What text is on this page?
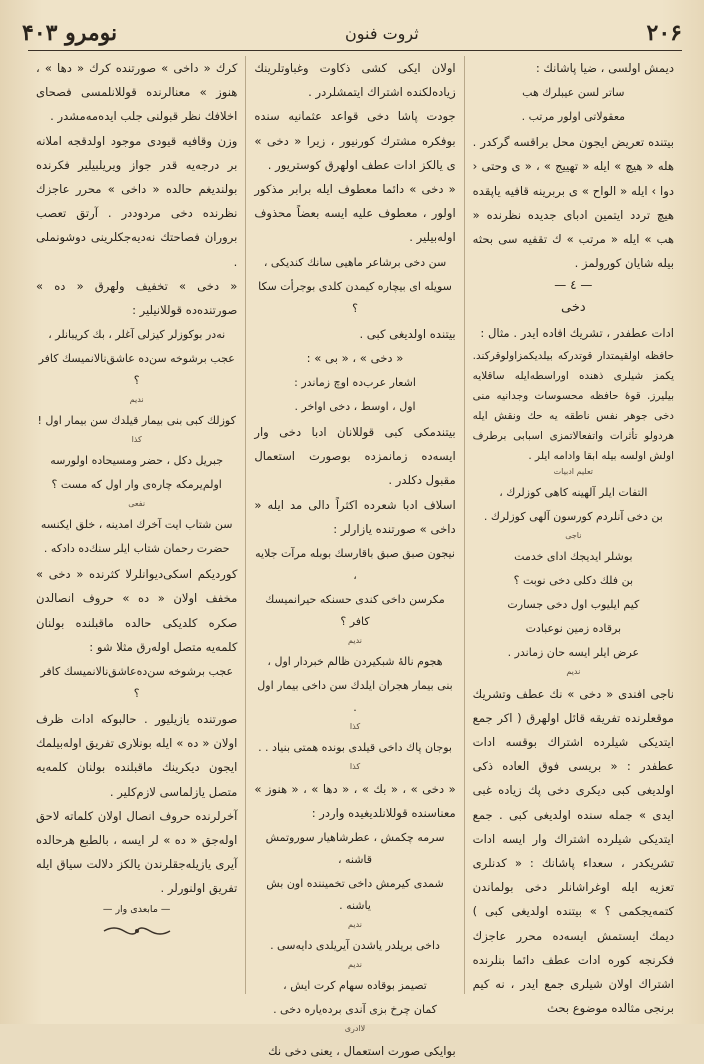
نومرو ۴۰۳	ثروت فنون	۲۰۶

دیمش اولسی ، ضیا پاشانك :

ساتر لسن عیبلرك هب
معقولاتی اولور مرتب .

بیتنده تعریض ایجون محل براقسه گرکدر . هله « هیچ » ایله « تهییج » ، « ی وحتی ‹ دوا › ایله « الواح » ی بربرینه قافیه یاپقده هیچ تردد ایتمین ادبای جدیده نظرنده « هب » ایله « مرتب » ك تقفیه سی بحثه بیله شایان کورولمز .

— ٤ —
دخی

ادات عطفدر ، تشریك افاده ایدر . مثال :

حافظه اولقیمتدار قوتدرکه بیلدیکمزاولوقرکند. یکمز شیلری ذهنده اوراسطه‌ایله ساقلایه بیلیرز. قوۀ حافظه محسوسات وجدانیه‌ منی دخی جوهر نفس ناطقه یه حك ونقش ایله هردولو تأثرات واتفعالاتمزی اسبابی برطرف اولش اولسه بیله ابقا وادامه ایلر .

تعلیم ادبیات
التفات ایلر آلهینه کاهی کوزلرك ،
بن دخی آنلردم کورسون آلهی کوزلرك .
ناجی
بوشلر ایدیجك ادای خدمت
بن فلك دکلی دخی نوبت ؟
کیم ایلیوب اول دخی جسارت
برقاده زمین نوعبادت
عرض ایلر ایسه حان زماندر .
ندیم

ناجی افندی « دخی » نك عطف وتشریك موقعلرنده تفریقه قائل اولهرق ( اکر جمع ایتدیکی شیلرده اشتراك بوقسه ادات عطفدر : « بریسی فوق العاده ذکی اولدیغی کبی دیکری دخی پك زیاده غبی ایدی » جمله سنده اولدیغی کبی . جمع ایتدیکی شیلرده اشتراك وار ایسه ادات تشریکدر ، سعداء پاشانك : « کدنلری تعزیه ایله اوغراشانلر دخی بولماندن کتمه‌یجکمی ؟ » بیتنده اولدیغی کبی ) دیمك ایستمش ایسه‌ده محرر عاجزك فکرنجه کوره ادات عطف دائما بنلرنده اشتراك اولان شیلری جمع ایدر ، نه کیم برنجی مثالده موضوع بحث

اولان ایکی کشی ذکاوت وغباوتلرینك زیاده‌لکنده اشتراك ایتمشلردر .

جودت پاشا دخی قواعد عثمانیه سنده بوفکره مشترك کورنیور ، زیرا « دخی » ی یالکز ادات عطف اولهرق کوستریور .

« دخی » دائما معطوف ایله برابر مذکور اولور ، معطوف علیه ایسه بعضاً محذوف اوله‌بیلیر .

سن دخی برشاعر ماهیی سانك کندیکی ،
سویله ای بیچاره کیمدن کلدی بوجرأت سکا ؟

بیتنده اولدیغی کبی .

« دخی » ، « بی » :

اشعار عرب‌ده اوچ زماندر :
اول ، اوسط ، دخی اواخر .

بیتندمکی کبی قوللانان ادبا دخی وار ایسه‌ده زمانمزده بوصورت استعمال مقبول دکلدر .

اسلاف ادبا شعرده اکثراً دالی مد ایله « داخی » صورتنده یازارلر :

نیجون صبق صبق باقارسك بوبله مرآت جلایه ،
مکرسن داخی کندی حسنکه حیرانمیسك کافر ؟
ندیم
هجوم نالۀ شبکیردن ظالم خبردار اول ،
بنی بیمار هجران ایلدك سن داخی بیمار اول .
کذا
بوجان پاك داخی قیلدی بونده همتی بنیاد . .
کذا

« دخی » ، « بك » ، « دها » ، « هنوز » معناسنده قوللانلدیغیده واردر :

سرمه چکمش ، عطرشاهیار سوروتمش قاشنه ،
شمدی کیرمش داخی تخمیننده اون بش یاشنه .
ندیم
داخی بریلدر یاشدن آیریلدی دایه‌سی .
ندیم
تصیمز بوقاده سهام کرت ایش ،
کمان چرخ بزی آندی برده‌یاره دخی .
لاادری

بوایکی صورت استعمال ، یعنی دخی نك

کرك « داخی » صورتنده کرك « دها » ، هنوز » معنالرنده قوللانلمسی فصحای اخلافك نظر قبولنی جلب ایده‌مه‌مشدر .

وزن وقافیه قیودی موجود اولدقجه املانه بر درجه‌یه قدر جواز ویریلبیلیر فکرنده بولنديغم حالده « داخی » محرر عاجزك نظرنده دخی مردوددر . آرتق تعصب بروران فصاحتك نه‌دیه‌جکلرینی دوشونملی .

« دخی » تخفیف ولهرق « ده » صورتنده‌ده قوللانیلیر :

نه‌در بوکوزلر کیزلی آغلر ، بك کریبانلر ،
عجب برشوخه سن‌ده عاشق‌نالانمیسك کافر ؟
ندیم
کوزلك کبی بنی بیمار قیلدك سن بیمار اول !
کذا
جبریل دکل ، حضر ومسیحاده اولورسه
اولم‌یرمکه چاره‌ی وار اول که مست ؟
نفعی
سن شتاب ایت آخرك امدینه ، خلق ایکنسه
حضرت رحمان شتاب ایلر سنك‌ده دادكه .

کوردیکم اسکی‌دیوانلرلا کثرنده « دخی » مخفف اولان « ده » حروف انصالدن صکره کلدیکی حالده ماقبلنده بولنان کلمه‌یه متصل اوله‌رق مثلا شو :

عجب برشوخه سن‌ده‌عاشق‌نالانمیسك کافر ؟

صورتنده یازیلیور . حالبوکه ادات ظرف اولان « ده » ایله بونلاری تفریق اوله‌بیلمك ایجون دیکرینك ماقبلنده بولنان کلمه‌یه متصل یازلماسی لازم‌کلیر .

آخرلرنده حروف انصال اولان کلماته لاحق اوله‌جق « ده » لر ایسه ، بالطبع هرحالده آیری یازیله‌جقلرندن یالکز دلالت سیاق ایله تفریق اولنورلر .

— مابعدی وار —
